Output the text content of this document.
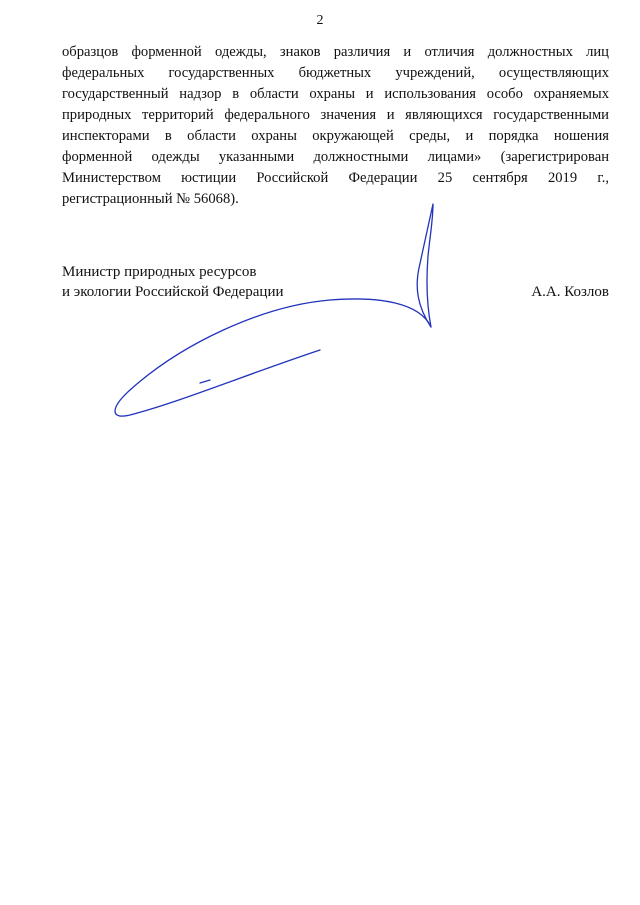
2
образцов форменной одежды, знаков различия и отличия должностных лиц
федеральных государственных бюджетных учреждений, осуществляющих
государственный надзор в области охраны и использования особо охраняемых
природных территорий федерального значения и являющихся государственными
инспекторами в области охраны окружающей среды, и порядка ношения
форменной одежды указанными должностными лицами» (зарегистрирован
Министерством юстиции Российской Федерации 25 сентября 2019 г.,
регистрационный № 56068).
Министр природных ресурсов
и экологии Российской Федерации	А.А. Козлов
